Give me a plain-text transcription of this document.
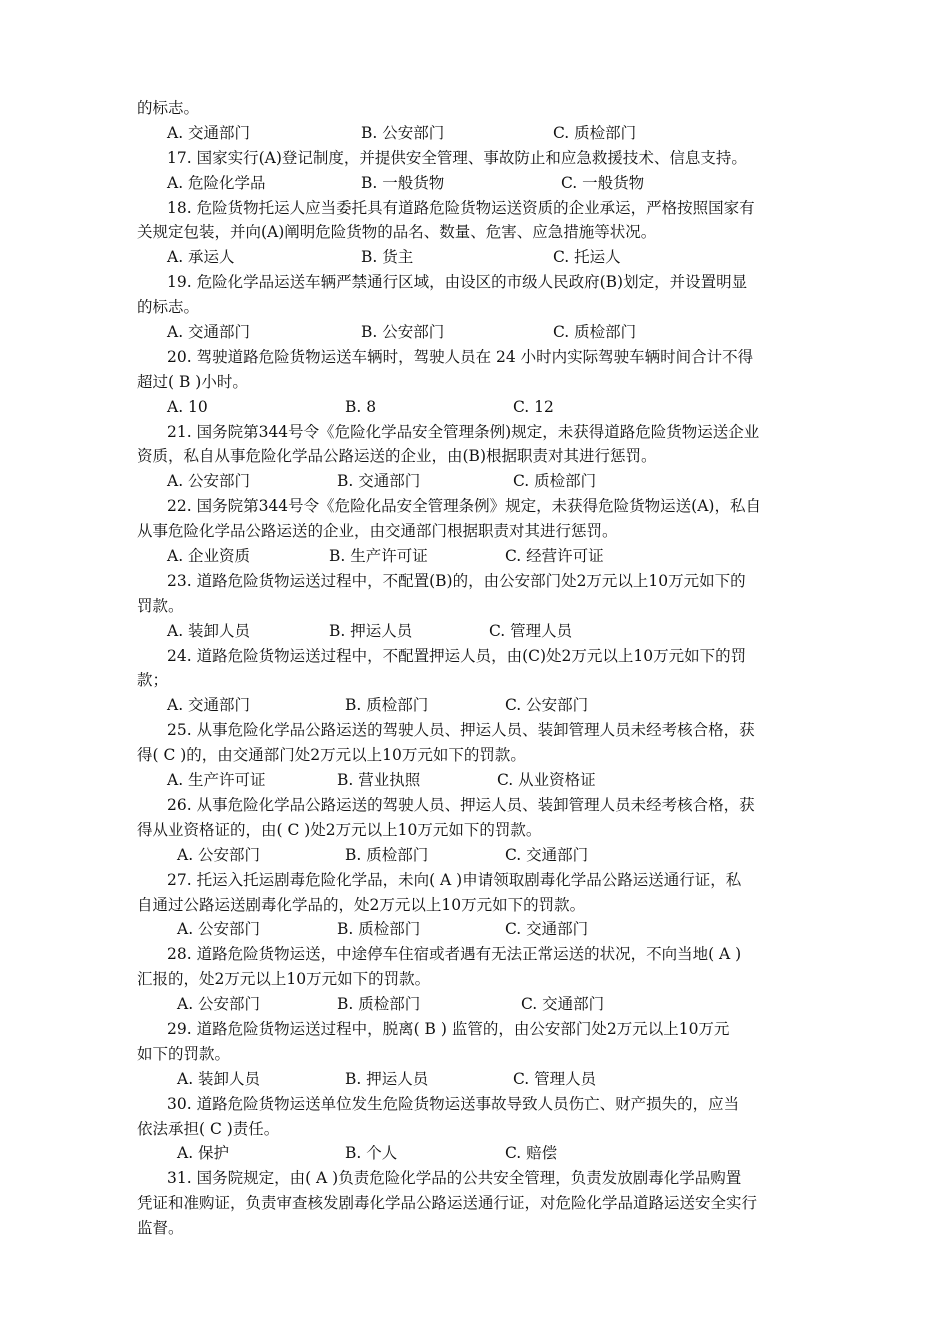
的标志。
A. 交通部门	B. 公安部门	C. 质检部门
17. 国家实行(A)登记制度，并提供安全管理、事故防止和应急救援技术、信息支持。
A. 危险化学品	B. 一般货物	C. 一般货物
18. 危险货物托运人应当委托具有道路危险货物运送资质的企业承运，严格按照国家有
关规定包装，并向(A)阐明危险货物的品名、数量、危害、应急措施等状况。
A. 承运人	B. 货主	C. 托运人
19. 危险化学品运送车辆严禁通行区域，由设区的市级人民政府(B)划定，并设置明显
的标志。
A. 交通部门	B. 公安部门	C. 质检部门
20. 驾驶道路危险货物运送车辆时，驾驶人员在 24 小时内实际驾驶车辆时间合计不得
超过( B )小时。
A. 10	B. 8	C. 12
21. 国务院第344号令《危险化学品安全管理条例)规定，未获得道路危险货物运送企业
资质，私自从事危险化学品公路运送的企业，由(B)根据职责对其进行惩罚。
A. 公安部门	B. 交通部门	C. 质检部门
22. 国务院第344号令《危险化品安全管理条例》规定，未获得危险货物运送(A)，私自
从事危险化学品公路运送的企业，由交通部门根据职责对其进行惩罚。
A. 企业资质	B. 生产许可证	C. 经营许可证
23. 道路危险货物运送过程中，不配置(B)的，由公安部门处2万元以上10万元如下的
罚款。
A. 装卸人员	B. 押运人员	C. 管理人员
24. 道路危险货物运送过程中，不配置押运人员，由(C)处2万元以上10万元如下的罚
款；
A. 交通部门	B. 质检部门	C. 公安部门
25. 从事危险化学品公路运送的驾驶人员、押运人员、装卸管理人员未经考核合格，获
得( C )的，由交通部门处2万元以上10万元如下的罚款。
A. 生产许可证	B. 营业执照	C. 从业资格证
26. 从事危险化学品公路运送的驾驶人员、押运人员、装卸管理人员未经考核合格，获
得从业资格证的，由( C )处2万元以上10万元如下的罚款。
A. 公安部门	B. 质检部门	C. 交通部门
27. 托运入托运剧毒危险化学品，未向( A )申请领取剧毒化学品公路运送通行证，私
自通过公路运送剧毒化学品的，处2万元以上10万元如下的罚款。
A. 公安部门	B. 质检部门	C. 交通部门
28. 道路危险货物运送，中途停车住宿或者遇有无法正常运送的状况，不向当地( A )
汇报的，处2万元以上10万元如下的罚款。
A. 公安部门	B. 质检部门	C. 交通部门
29. 道路危险货物运送过程中，脱离( B ) 监管的，由公安部门处2万元以上10万元
如下的罚款。
A. 装卸人员	B. 押运人员	C. 管理人员
30. 道路危险货物运送单位发生危险货物运送事故导致人员伤亡、财产损失的，应当
依法承担( C )责任。
A. 保护	B. 个人	C. 赔偿
31. 国务院规定，由( A )负责危险化学品的公共安全管理，负责发放剧毒化学品购置
凭证和准购证，负责审查核发剧毒化学品公路运送通行证，对危险化学品道路运送安全实行
监督。
